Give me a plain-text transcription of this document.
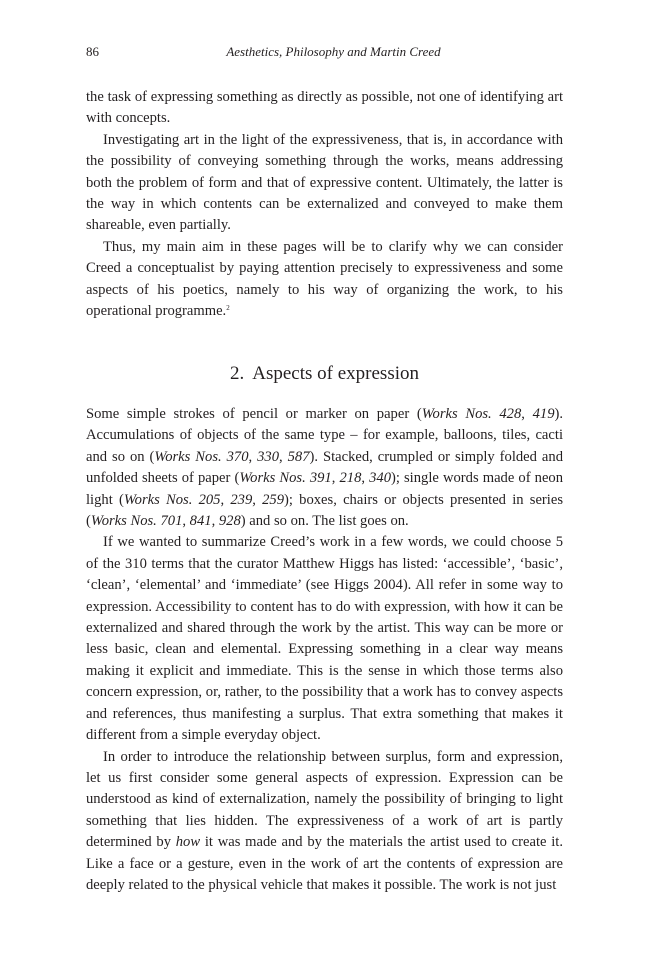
86	Aesthetics, Philosophy and Martin Creed

the task of expressing something as directly as possible, not one of identifying art with concepts.

Investigating art in the light of the expressiveness, that is, in accordance with the possibility of conveying something through the works, means addressing both the problem of form and that of expressive content. Ultimately, the latter is the way in which contents can be externalized and conveyed to make them shareable, even partially.

Thus, my main aim in these pages will be to clarify why we can consider Creed a conceptualist by paying attention precisely to expressiveness and some aspects of his poetics, namely to his way of organizing the work, to his operational programme.$^2$

2. Aspects of expression

Some simple strokes of pencil or marker on paper (Works Nos. 428, 419). Accumulations of objects of the same type – for example, balloons, tiles, cacti and so on (Works Nos. 370, 330, 587). Stacked, crumpled or simply folded and unfolded sheets of paper (Works Nos. 391, 218, 340); single words made of neon light (Works Nos. 205, 239, 259); boxes, chairs or objects presented in series (Works Nos. 701, 841, 928) and so on. The list goes on.

If we wanted to summarize Creed’s work in a few words, we could choose 5 of the 310 terms that the curator Matthew Higgs has listed: ‘accessible’, ‘basic’, ‘clean’, ‘elemental’ and ‘immediate’ (see Higgs 2004). All refer in some way to expression. Accessibility to content has to do with expression, with how it can be externalized and shared through the work by the artist. This way can be more or less basic, clean and elemental. Expressing something in a clear way means making it explicit and immediate. This is the sense in which those terms also concern expression, or, rather, to the possibility that a work has to convey aspects and references, thus manifesting a surplus. That extra something that makes it different from a simple everyday object.

In order to introduce the relationship between surplus, form and expression, let us first consider some general aspects of expression. Expression can be understood as kind of externalization, namely the possibility of bringing to light something that lies hidden. The expressiveness of a work of art is partly determined by how it was made and by the materials the artist used to create it. Like a face or a gesture, even in the work of art the contents of expression are deeply related to the physical vehicle that makes it possible. The work is not just
